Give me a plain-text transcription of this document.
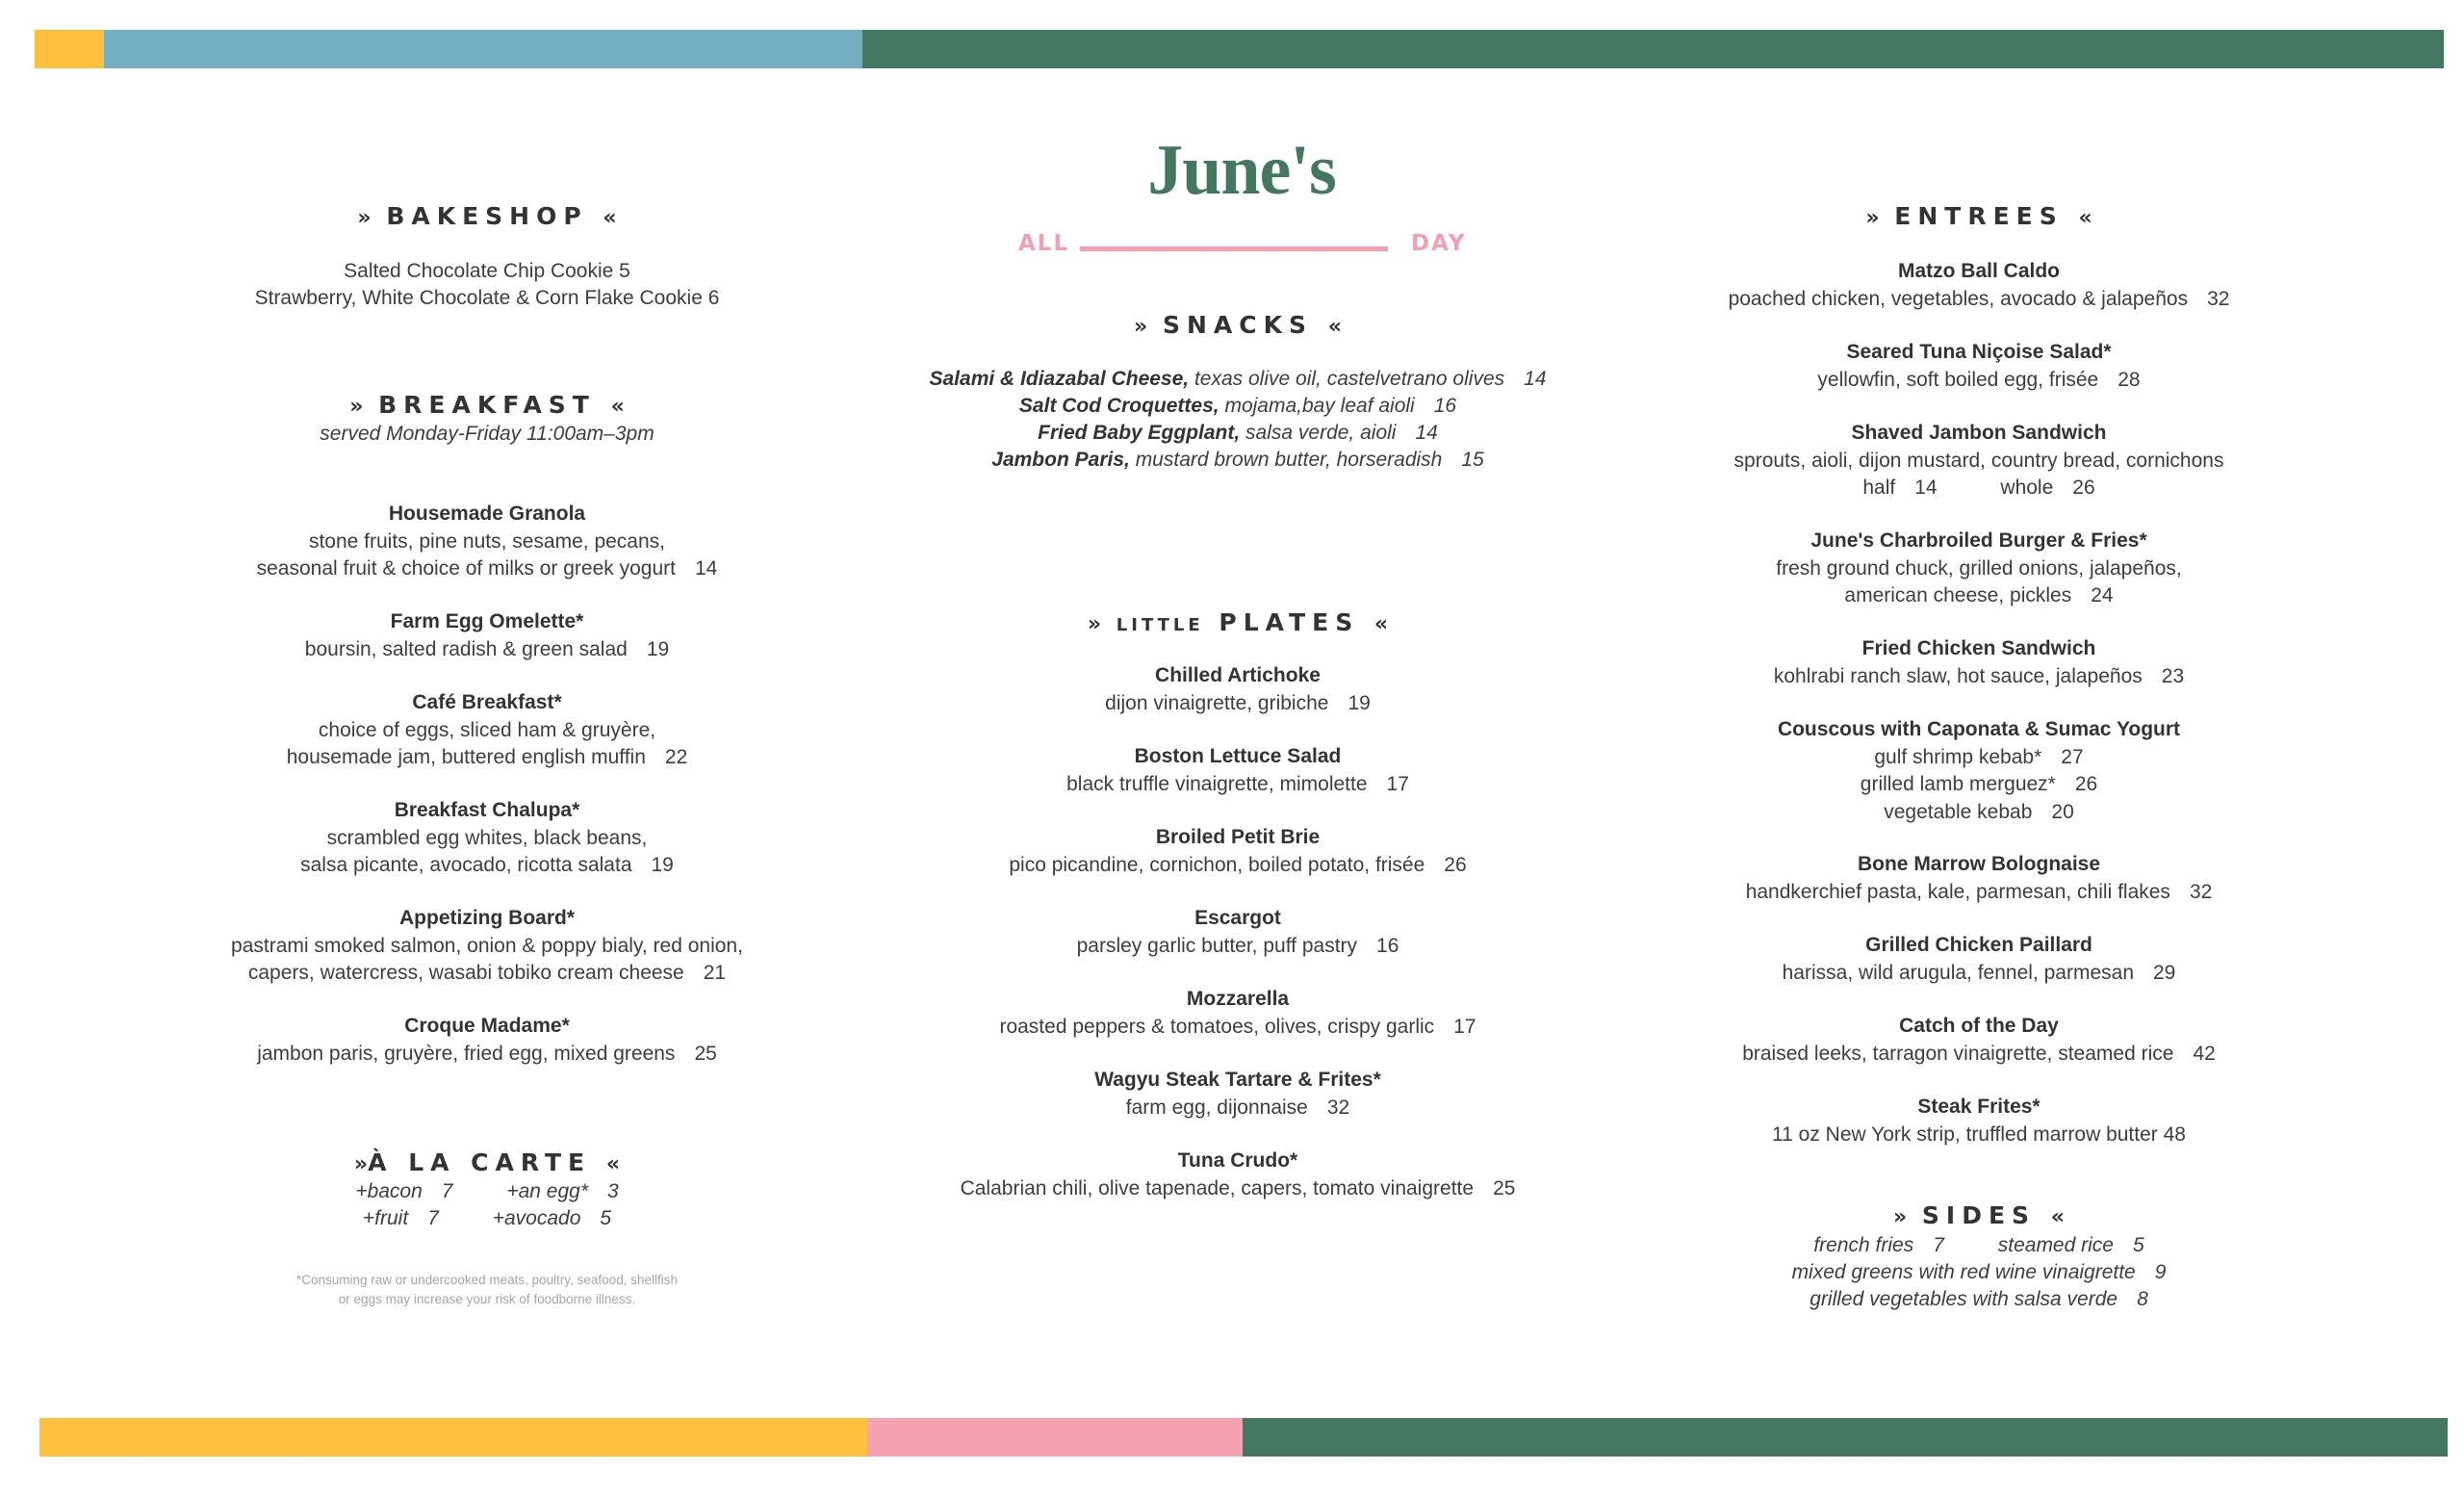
June's
ALL	DAY
» BAKESHOP «
Salted Chocolate Chip Cookie 5
Strawberry, White Chocolate & Corn Flake Cookie 6
» BREAKFAST «
served Monday-Friday 11:00am–3pm
Housemade Granola
stone fruits, pine nuts, sesame, pecans,
seasonal fruit & choice of milks or greek yogurt 14
Farm Egg Omelette*
boursin, salted radish & green salad 19
Café Breakfast*
choice of eggs, sliced ham & gruyère,
housemade jam, buttered english muffin 22
Breakfast Chalupa*
scrambled egg whites, black beans,
salsa picante, avocado, ricotta salata 19
Appetizing Board*
pastrami smoked salmon, onion & poppy bialy, red onion,
capers, watercress, wasabi tobiko cream cheese 21
Croque Madame*
jambon paris, gruyère, fried egg, mixed greens 25
»À LA CARTE «
+bacon 7	+an egg* 3
+fruit 7	+avocado 5
*Consuming raw or undercooked meats, poultry, seafood, shellfish
or eggs may increase your risk of foodborne illness.
» SNACKS «
Salami & Idiazabal Cheese, texas olive oil, castelvetrano olives 14
Salt Cod Croquettes, mojama,bay leaf aioli 16
Fried Baby Eggplant, salsa verde, aioli 14
Jambon Paris, mustard brown butter, horseradish 15
» LITTLE PLATES «
Chilled Artichoke
dijon vinaigrette, gribiche 19
Boston Lettuce Salad
black truffle vinaigrette, mimolette 17
Broiled Petit Brie
pico picandine, cornichon, boiled potato, frisée 26
Escargot
parsley garlic butter, puff pastry 16
Mozzarella
roasted peppers & tomatoes, olives, crispy garlic 17
Wagyu Steak Tartare & Frites*
farm egg, dijonnaise 32
Tuna Crudo*
Calabrian chili, olive tapenade, capers, tomato vinaigrette 25
» ENTREES «
Matzo Ball Caldo
poached chicken, vegetables, avocado & jalapeños 32
Seared Tuna Niçoise Salad*
yellowfin, soft boiled egg, frisée 28
Shaved Jambon Sandwich
sprouts, aioli, dijon mustard, country bread, cornichons
half 14	whole 26
June's Charbroiled Burger & Fries*
fresh ground chuck, grilled onions, jalapeños,
american cheese, pickles 24
Fried Chicken Sandwich
kohlrabi ranch slaw, hot sauce, jalapeños 23
Couscous with Caponata & Sumac Yogurt
gulf shrimp kebab* 27
grilled lamb merguez* 26
vegetable kebab 20
Bone Marrow Bolognaise
handkerchief pasta, kale, parmesan, chili flakes 32
Grilled Chicken Paillard
harissa, wild arugula, fennel, parmesan 29
Catch of the Day
braised leeks, tarragon vinaigrette, steamed rice 42
Steak Frites*
11 oz New York strip, truffled marrow butter 48
» SIDES «
french fries 7	steamed rice 5
mixed greens with red wine vinaigrette 9
grilled vegetables with salsa verde 8
